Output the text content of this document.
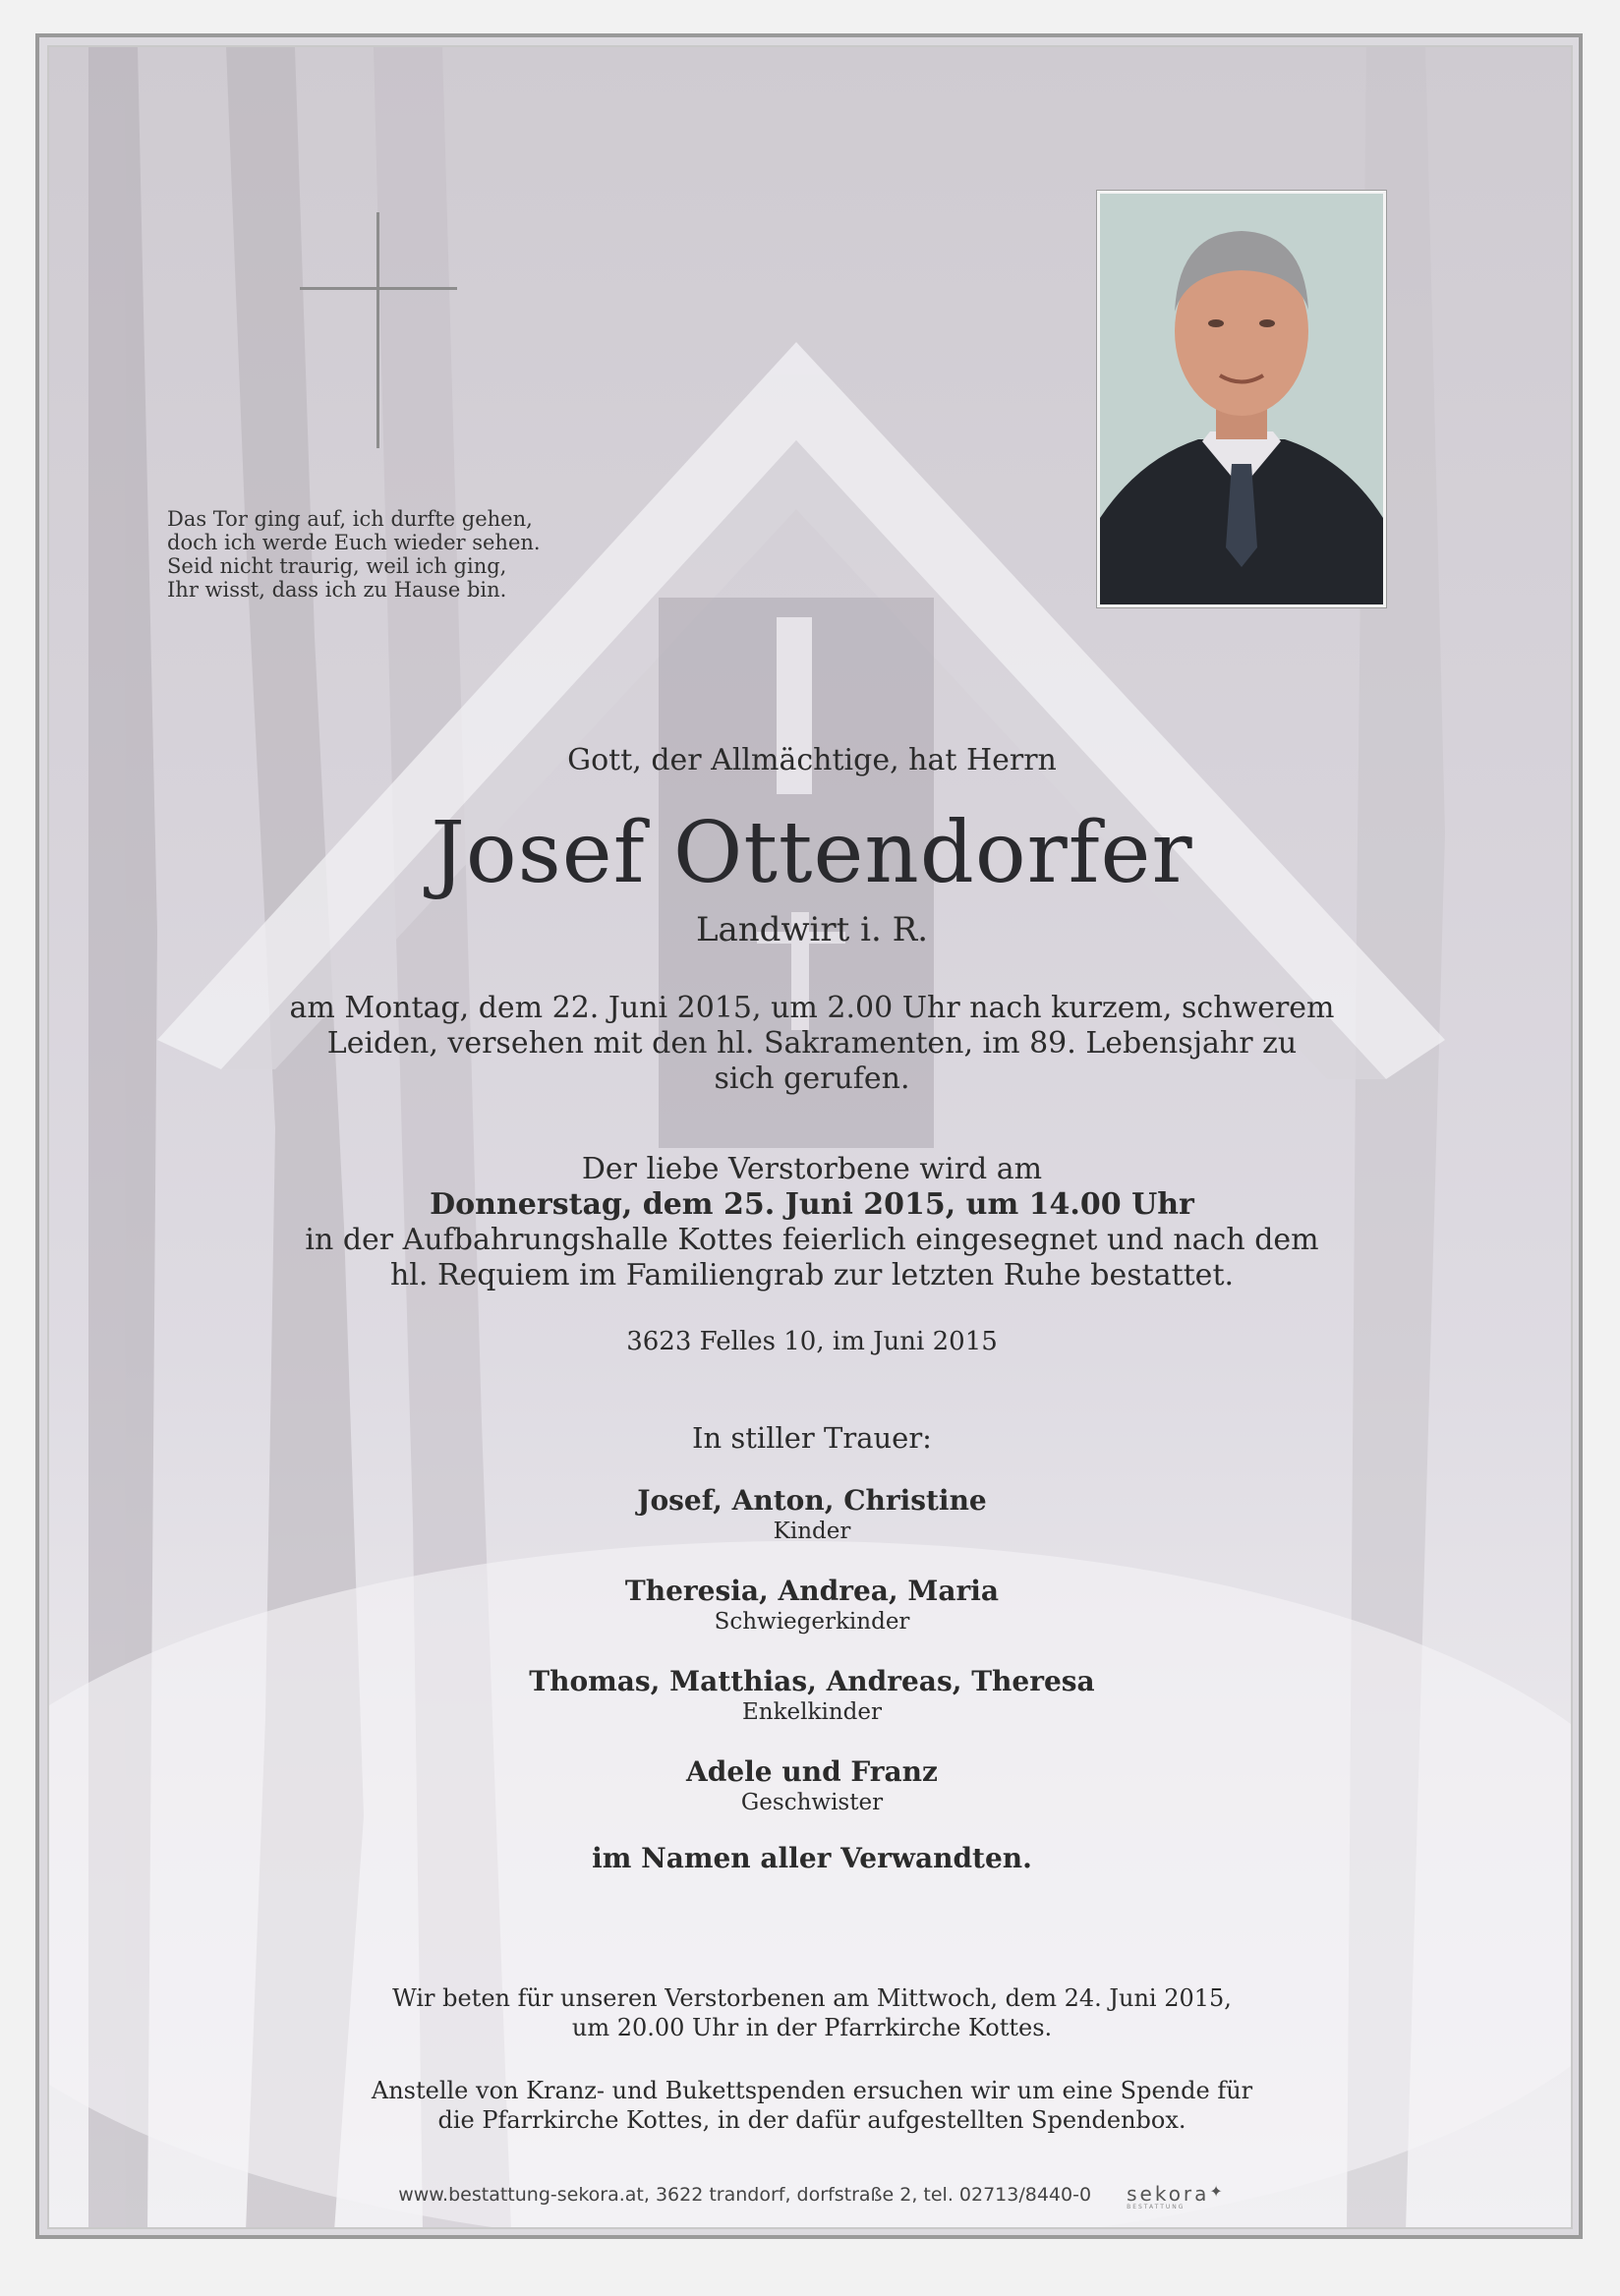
Das Tor ging auf, ich durfte gehen,
doch ich werde Euch wieder sehen.
Seid nicht traurig, weil ich ging,
Ihr wisst, dass ich zu Hause bin.
Gott, der Allmächtige, hat Herrn
Josef Ottendorfer
Landwirt i. R.
am Montag, dem 22. Juni 2015, um 2.00 Uhr nach kurzem, schwerem
Leiden, versehen mit den hl. Sakramenten, im 89. Lebensjahr zu
sich gerufen.
Der liebe Verstorbene wird am
Donnerstag, dem 25. Juni 2015, um 14.00 Uhr
in der Aufbahrungshalle Kottes feierlich eingesegnet und nach dem
hl. Requiem im Familiengrab zur letzten Ruhe bestattet.
3623 Felles 10, im Juni 2015
In stiller Trauer:
Josef, Anton, Christine
Kinder
Theresia, Andrea, Maria
Schwiegerkinder
Thomas, Matthias, Andreas, Theresa
Enkelkinder
Adele und Franz
Geschwister
im Namen aller Verwandten.
Wir beten für unseren Verstorbenen am Mittwoch, dem 24. Juni 2015,
um 20.00 Uhr in der Pfarrkirche Kottes.
Anstelle von Kranz- und Bukettspenden ersuchen wir um eine Spende für
die Pfarrkirche Kottes, in der dafür aufgestellten Spendenbox.
www.bestattung-sekora.at, 3622 trandorf, dorfstraße 2, tel. 02713/8440-0 sekora✦
BESTATTUNG
